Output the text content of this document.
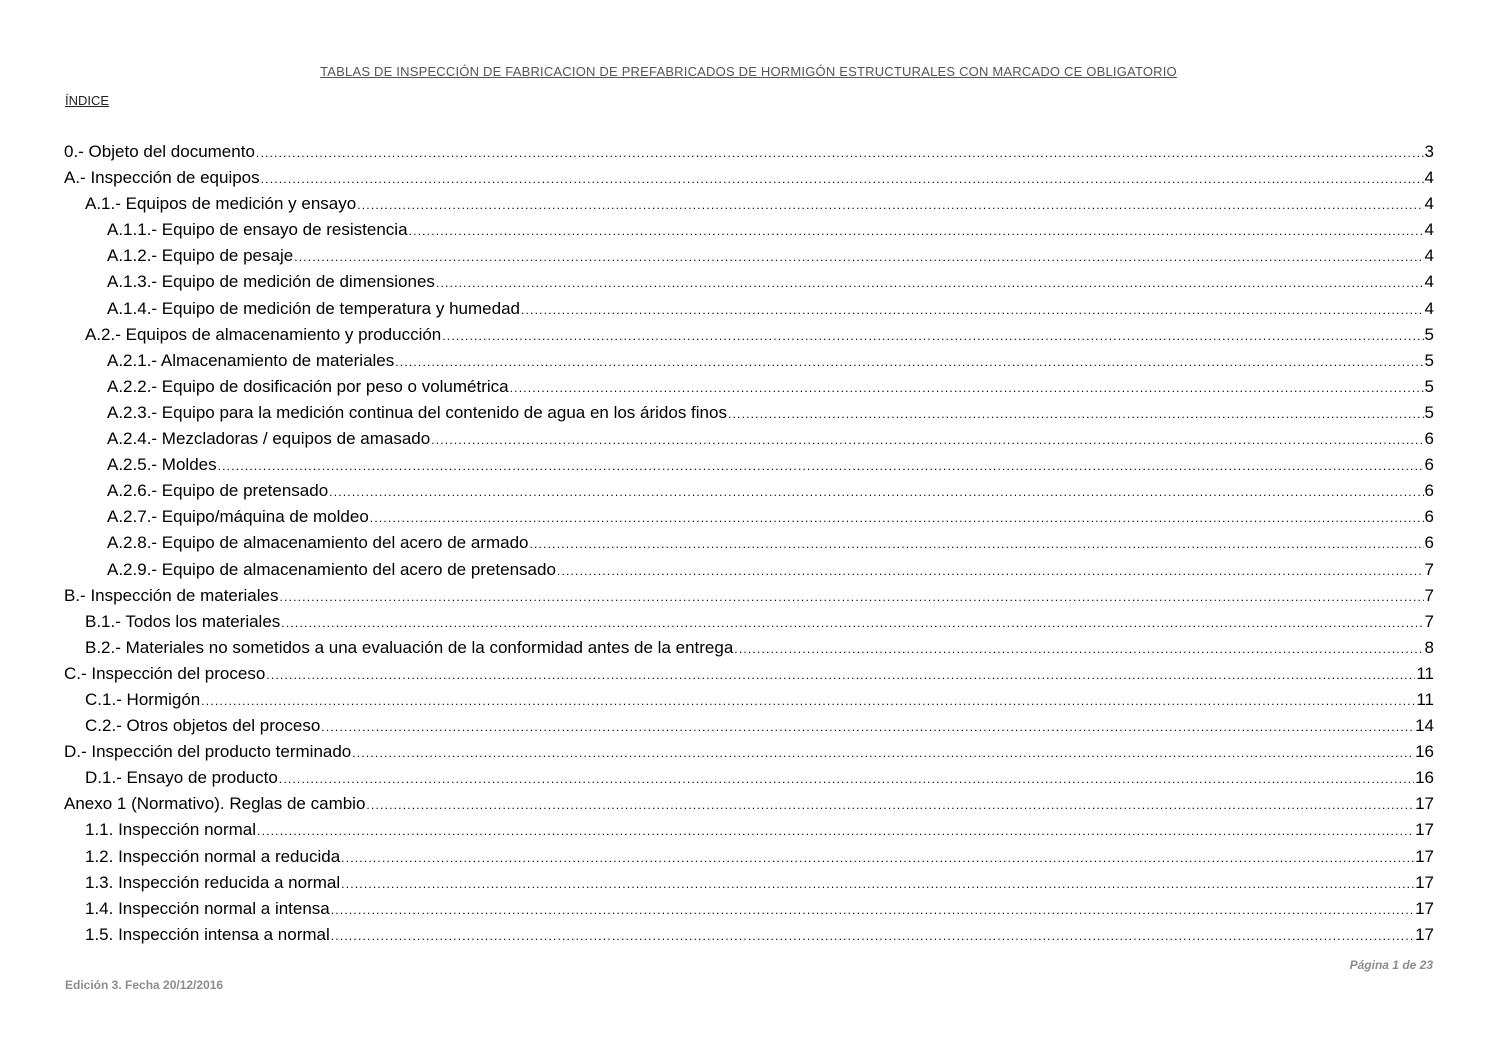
TABLAS DE INSPECCIÓN DE FABRICACION DE PREFABRICADOS DE HORMIGÓN ESTRUCTURALES CON MARCADO CE OBLIGATORIO
ÍNDICE
0.- Objeto del documento .....	3
A.- Inspección de equipos .....	4
A.1.- Equipos de medición y ensayo .....	4
A.1.1.- Equipo de ensayo de resistencia .....	4
A.1.2.- Equipo de pesaje .....	4
A.1.3.- Equipo de medición de dimensiones .....	4
A.1.4.- Equipo de medición de temperatura y humedad .....	4
A.2.- Equipos de almacenamiento y producción .....	5
A.2.1.- Almacenamiento de materiales .....	5
A.2.2.- Equipo de dosificación por peso o volumétrica .....	5
A.2.3.- Equipo para la medición continua del contenido de agua en los áridos finos .....	5
A.2.4.- Mezcladoras / equipos de amasado .....	6
A.2.5.- Moldes .....	6
A.2.6.- Equipo de pretensado .....	6
A.2.7.- Equipo/máquina de moldeo .....	6
A.2.8.- Equipo de almacenamiento del acero de armado .....	6
A.2.9.- Equipo de almacenamiento del acero de pretensado .....	7
B.- Inspección de materiales .....	7
B.1.- Todos los materiales .....	7
B.2.- Materiales no sometidos a una evaluación de la conformidad antes de la entrega .....	8
C.- Inspección del proceso .....	11
C.1.- Hormigón .....	11
C.2.- Otros objetos del proceso .....	14
D.- Inspección del producto terminado .....	16
D.1.- Ensayo de producto .....	16
Anexo 1 (Normativo). Reglas de cambio .....	17
1.1. Inspección normal .....	17
1.2. Inspección normal a reducida .....	17
1.3. Inspección reducida a normal .....	17
1.4. Inspección normal a intensa .....	17
1.5. Inspección intensa a normal .....	17
Página 1 de 23
Edición 3. Fecha 20/12/2016
